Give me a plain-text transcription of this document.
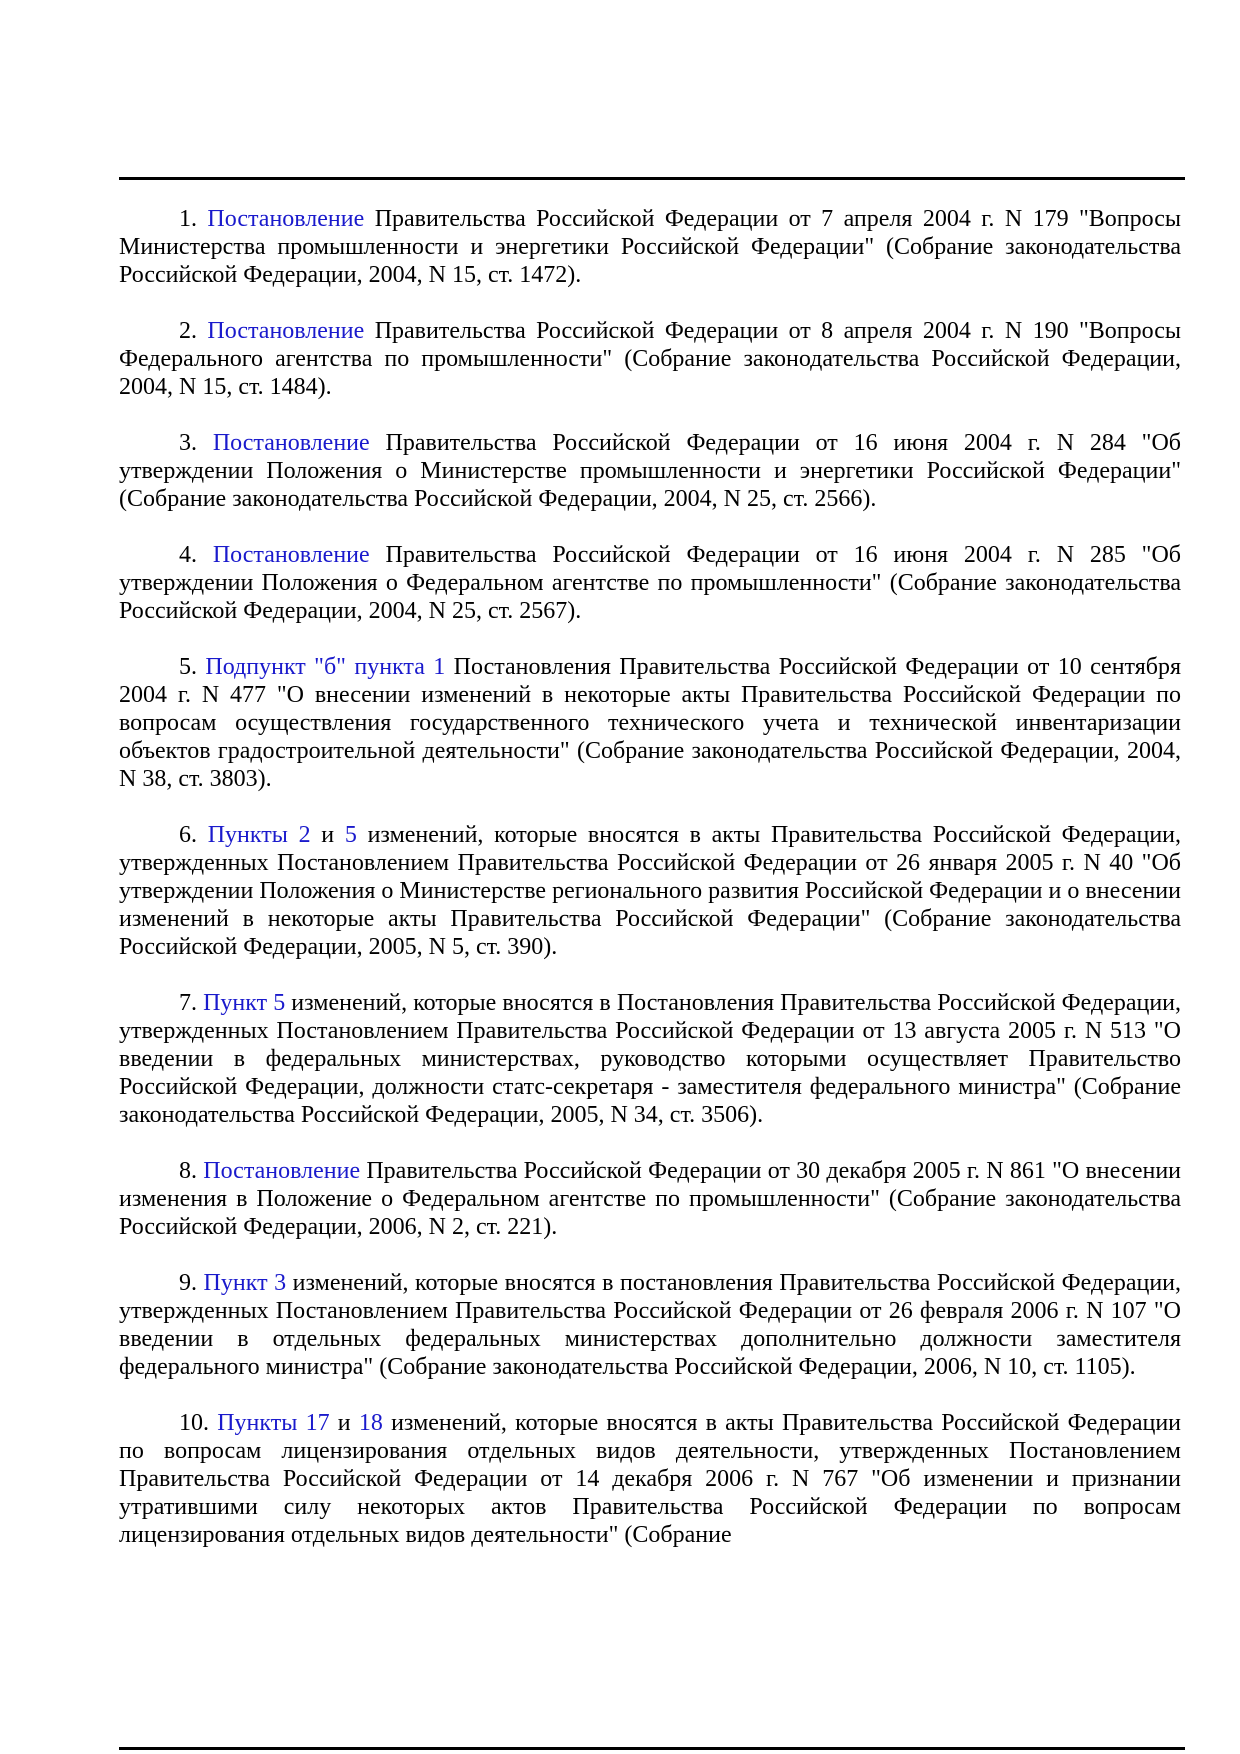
1. Постановление Правительства Российской Федерации от 7 апреля 2004 г. N 179 "Вопросы Министерства промышленности и энергетики Российской Федерации" (Собрание законодательства Российской Федерации, 2004, N 15, ст. 1472).

2. Постановление Правительства Российской Федерации от 8 апреля 2004 г. N 190 "Вопросы Федерального агентства по промышленности" (Собрание законодательства Российской Федерации, 2004, N 15, ст. 1484).

3. Постановление Правительства Российской Федерации от 16 июня 2004 г. N 284 "Об утверждении Положения о Министерстве промышленности и энергетики Российской Федерации" (Собрание законодательства Российской Федерации, 2004, N 25, ст. 2566).

4. Постановление Правительства Российской Федерации от 16 июня 2004 г. N 285 "Об утверждении Положения о Федеральном агентстве по промышленности" (Собрание законодательства Российской Федерации, 2004, N 25, ст. 2567).

5. Подпункт "б" пункта 1 Постановления Правительства Российской Федерации от 10 сентября 2004 г. N 477 "О внесении изменений в некоторые акты Правительства Российской Федерации по вопросам осуществления государственного технического учета и технической инвентаризации объектов градостроительной деятельности" (Собрание законодательства Российской Федерации, 2004, N 38, ст. 3803).

6. Пункты 2 и 5 изменений, которые вносятся в акты Правительства Российской Федерации, утвержденных Постановлением Правительства Российской Федерации от 26 января 2005 г. N 40 "Об утверждении Положения о Министерстве регионального развития Российской Федерации и о внесении изменений в некоторые акты Правительства Российской Федерации" (Собрание законодательства Российской Федерации, 2005, N 5, ст. 390).

7. Пункт 5 изменений, которые вносятся в Постановления Правительства Российской Федерации, утвержденных Постановлением Правительства Российской Федерации от 13 августа 2005 г. N 513 "О введении в федеральных министерствах, руководство которыми осуществляет Правительство Российской Федерации, должности статс-секретаря - заместителя федерального министра" (Собрание законодательства Российской Федерации, 2005, N 34, ст. 3506).

8. Постановление Правительства Российской Федерации от 30 декабря 2005 г. N 861 "О внесении изменения в Положение о Федеральном агентстве по промышленности" (Собрание законодательства Российской Федерации, 2006, N 2, ст. 221).

9. Пункт 3 изменений, которые вносятся в постановления Правительства Российской Федерации, утвержденных Постановлением Правительства Российской Федерации от 26 февраля 2006 г. N 107 "О введении в отдельных федеральных министерствах дополнительно должности заместителя федерального министра" (Собрание законодательства Российской Федерации, 2006, N 10, ст. 1105).

10. Пункты 17 и 18 изменений, которые вносятся в акты Правительства Российской Федерации по вопросам лицензирования отдельных видов деятельности, утвержденных Постановлением Правительства Российской Федерации от 14 декабря 2006 г. N 767 "Об изменении и признании утратившими силу некоторых актов Правительства Российской Федерации по вопросам лицензирования отдельных видов деятельности" (Собрание
